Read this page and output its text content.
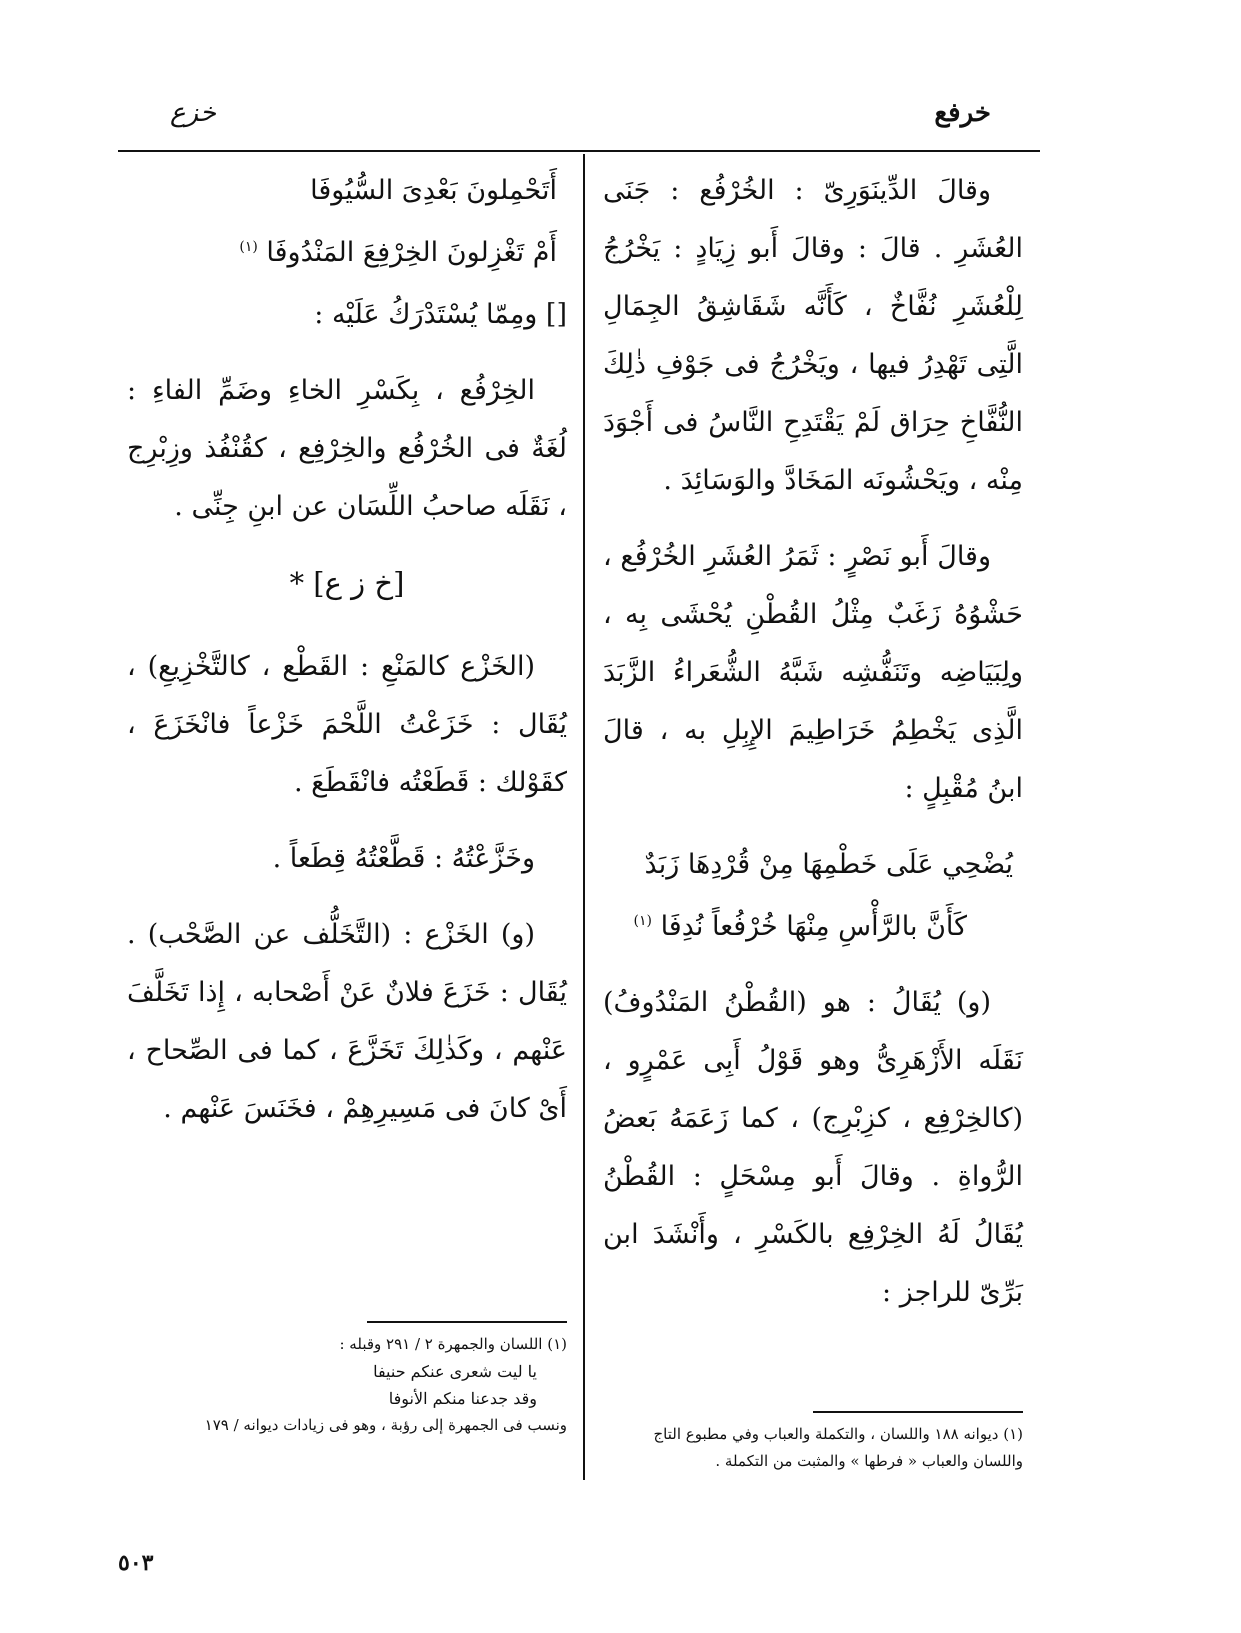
خرفع
خزع

وقالَ الدِّينَوَرِىّ : الخُرْفُع : جَنَى العُشَرِ . قالَ : وقالَ أَبو زِيَادٍ : يَخْرُجُ لِلْعُشَرِ نُفَّاخٌ ، كَأَنَّه شَقَاشِقُ الجِمَالِ الَّتِى تَهْدِرُ فيها ، ويَخْرُجُ فى جَوْفِ ذٰلِكَ النُّفَّاخِ حِرَاق لَمْ يَقْتَدِحِ النَّاسُ فى أَجْوَدَ مِنْه ، ويَحْشُونَه المَخَادَّ والوَسَائِدَ .

وقالَ أَبو نَصْرٍ : ثَمَرُ العُشَرِ الخُرْفُع ، حَشْوُهُ زَغَبٌ مِثْلُ القُطْنِ يُحْشَى بِه ، ولِبَيَاضِه وتَنَفُّشِه شَبَّهُ الشُّعَراءُ الزَّبَدَ الَّذِى يَخْطِمُ خَرَاطِيمَ الإِبِلِ به ، قالَ ابنُ مُقْبِلٍ :

يُضْحِي عَلَى خَطْمِهَا مِنْ قُرْدِهَا زَبَدٌ

كَأَنَّ بالرَّأْسِ مِنْهَا خُرْفُعاً نُدِفَا $^{(١)}$

(و) يُقَالُ : هو (القُطْنُ المَنْدُوفُ) نَقَلَه الأَزْهَرِىُّ وهو قَوْلُ أَبِى عَمْرٍو ، (كالخِرْفِع ، كزِبْرِج) ، كما زَعَمَهُ بَعضُ الرُّواةِ . وقالَ أَبو مِسْحَلٍ : القُطْنُ يُقَالُ لَهُ الخِرْفِع بالكَسْرِ ، وأَنْشَدَ ابن بَرِّىّ للراجز :

أَتَحْمِلونَ بَعْدِىَ السُّيُوفَا

أَمْ تَغْزِلونَ الخِرْفِعَ المَنْدُوفَا $^{(١)}$

[] ومِمّا يُسْتَدْرَكُ عَلَيْه :

الخِرْفُع ، بِكَسْرِ الخاءِ وضَمِّ الفاءِ : لُغَةٌ فى الخُرْفُع والخِرْفِع ، كقُنْفُذ وزِبْرِج ، نَقَلَه صاحبُ اللِّسَان عن ابنِ جِنِّى .

[خ ز ع] *

(الخَزْع كالمَنْعِ : القَطْع ، كالتَّخْزِيعِ) ، يُقَال : خَزَعْتُ اللَّحْمَ خَزْعاً فانْخَزَعَ ، كقَوْلك : قَطَعْتُه فانْقَطَعَ .

وخَزَّعْتُهُ : قَطَّعْتُهُ قِطَعاً .

(و) الخَزْع : (التَّخَلُّف عن الصَّحْب) . يُقَال : خَزَعَ فلانٌ عَنْ أَصْحابه ، إِذا تَخَلَّفَ عَنْهم ، وكَذٰلِكَ تَخَزَّعَ ، كما فى الصِّحاح ، أَىْ كانَ فى مَسِيرِهِمْ ، فخَنَسَ عَنْهم .

(١) ديوانه ١٨٨ واللسان ، والتكملة والعباب وفي مطبوع التاج واللسان والعباب « فرطها » والمثبت من التكملة .

(١) اللسان والجمهرة ٢ / ٢٩١ وقبله :

يا ليت شعرى عنكم حنيفا

وقد جدعنا منكم الأنوفا

ونسب فى الجمهرة إلى رؤبة ، وهو فى زيادات ديوانه / ١٧٩

٥٠٣
